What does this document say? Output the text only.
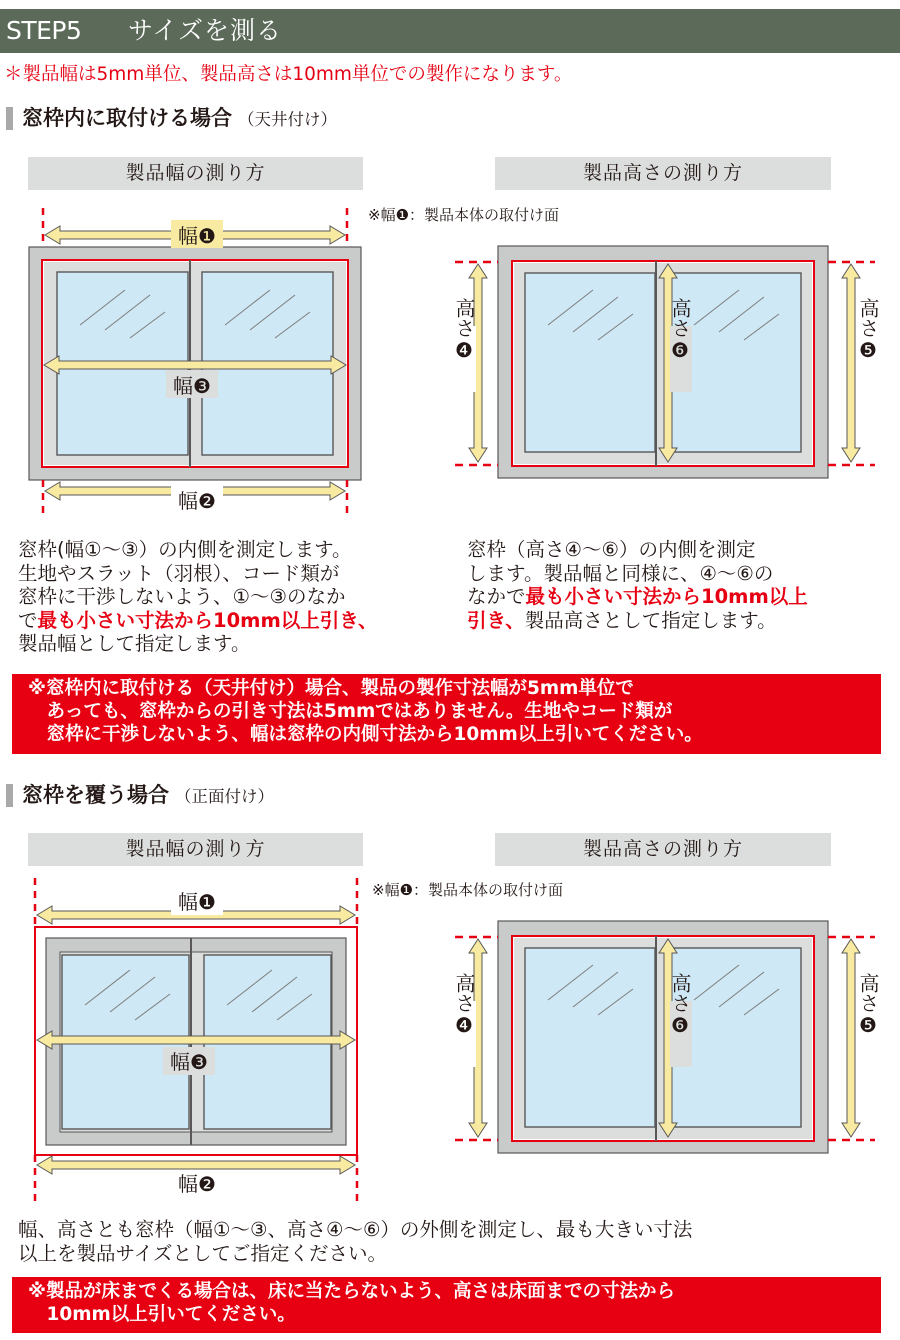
STEP5 サイズを測る
＊製品幅は5mm単位、製品高さは10mm単位での製作になります。
窓枠内に取付ける場合 （天井付け）
製品幅の測り方	製品高さの測り方
※幅❶：製品本体の取付け面
幅❶
幅❸
幅❷
高さ❹	高さ❻	高さ❺
窓枠(幅①〜③）の内側を測定します。
生地やスラット（羽根）、コード類が
窓枠に干渉しないよう、①〜③のなか
で最も小さい寸法から10mm以上引き、
製品幅として指定します。
窓枠（高さ④〜⑥）の内側を測定
します。製品幅と同様に、④〜⑥の
なかで最も小さい寸法から10mm以上
引き、製品高さとして指定します。
※窓枠内に取付ける（天井付け）場合、製品の製作寸法幅が5mm単位で
　あっても、窓枠からの引き寸法は5mmではありません。生地やコード類が
　窓枠に干渉しないよう、幅は窓枠の内側寸法から10mm以上引いてください。
窓枠を覆う場合 （正面付け）
製品幅の測り方	製品高さの測り方
※幅❶：製品本体の取付け面
幅❶
幅❸
幅❷
高さ❹	高さ❻	高さ❺
幅、高さとも窓枠（幅①〜③、高さ④〜⑥）の外側を測定し、最も大きい寸法
以上を製品サイズとしてご指定ください。
※製品が床までくる場合は、床に当たらないよう、高さは床面までの寸法から
　10mm以上引いてください。
